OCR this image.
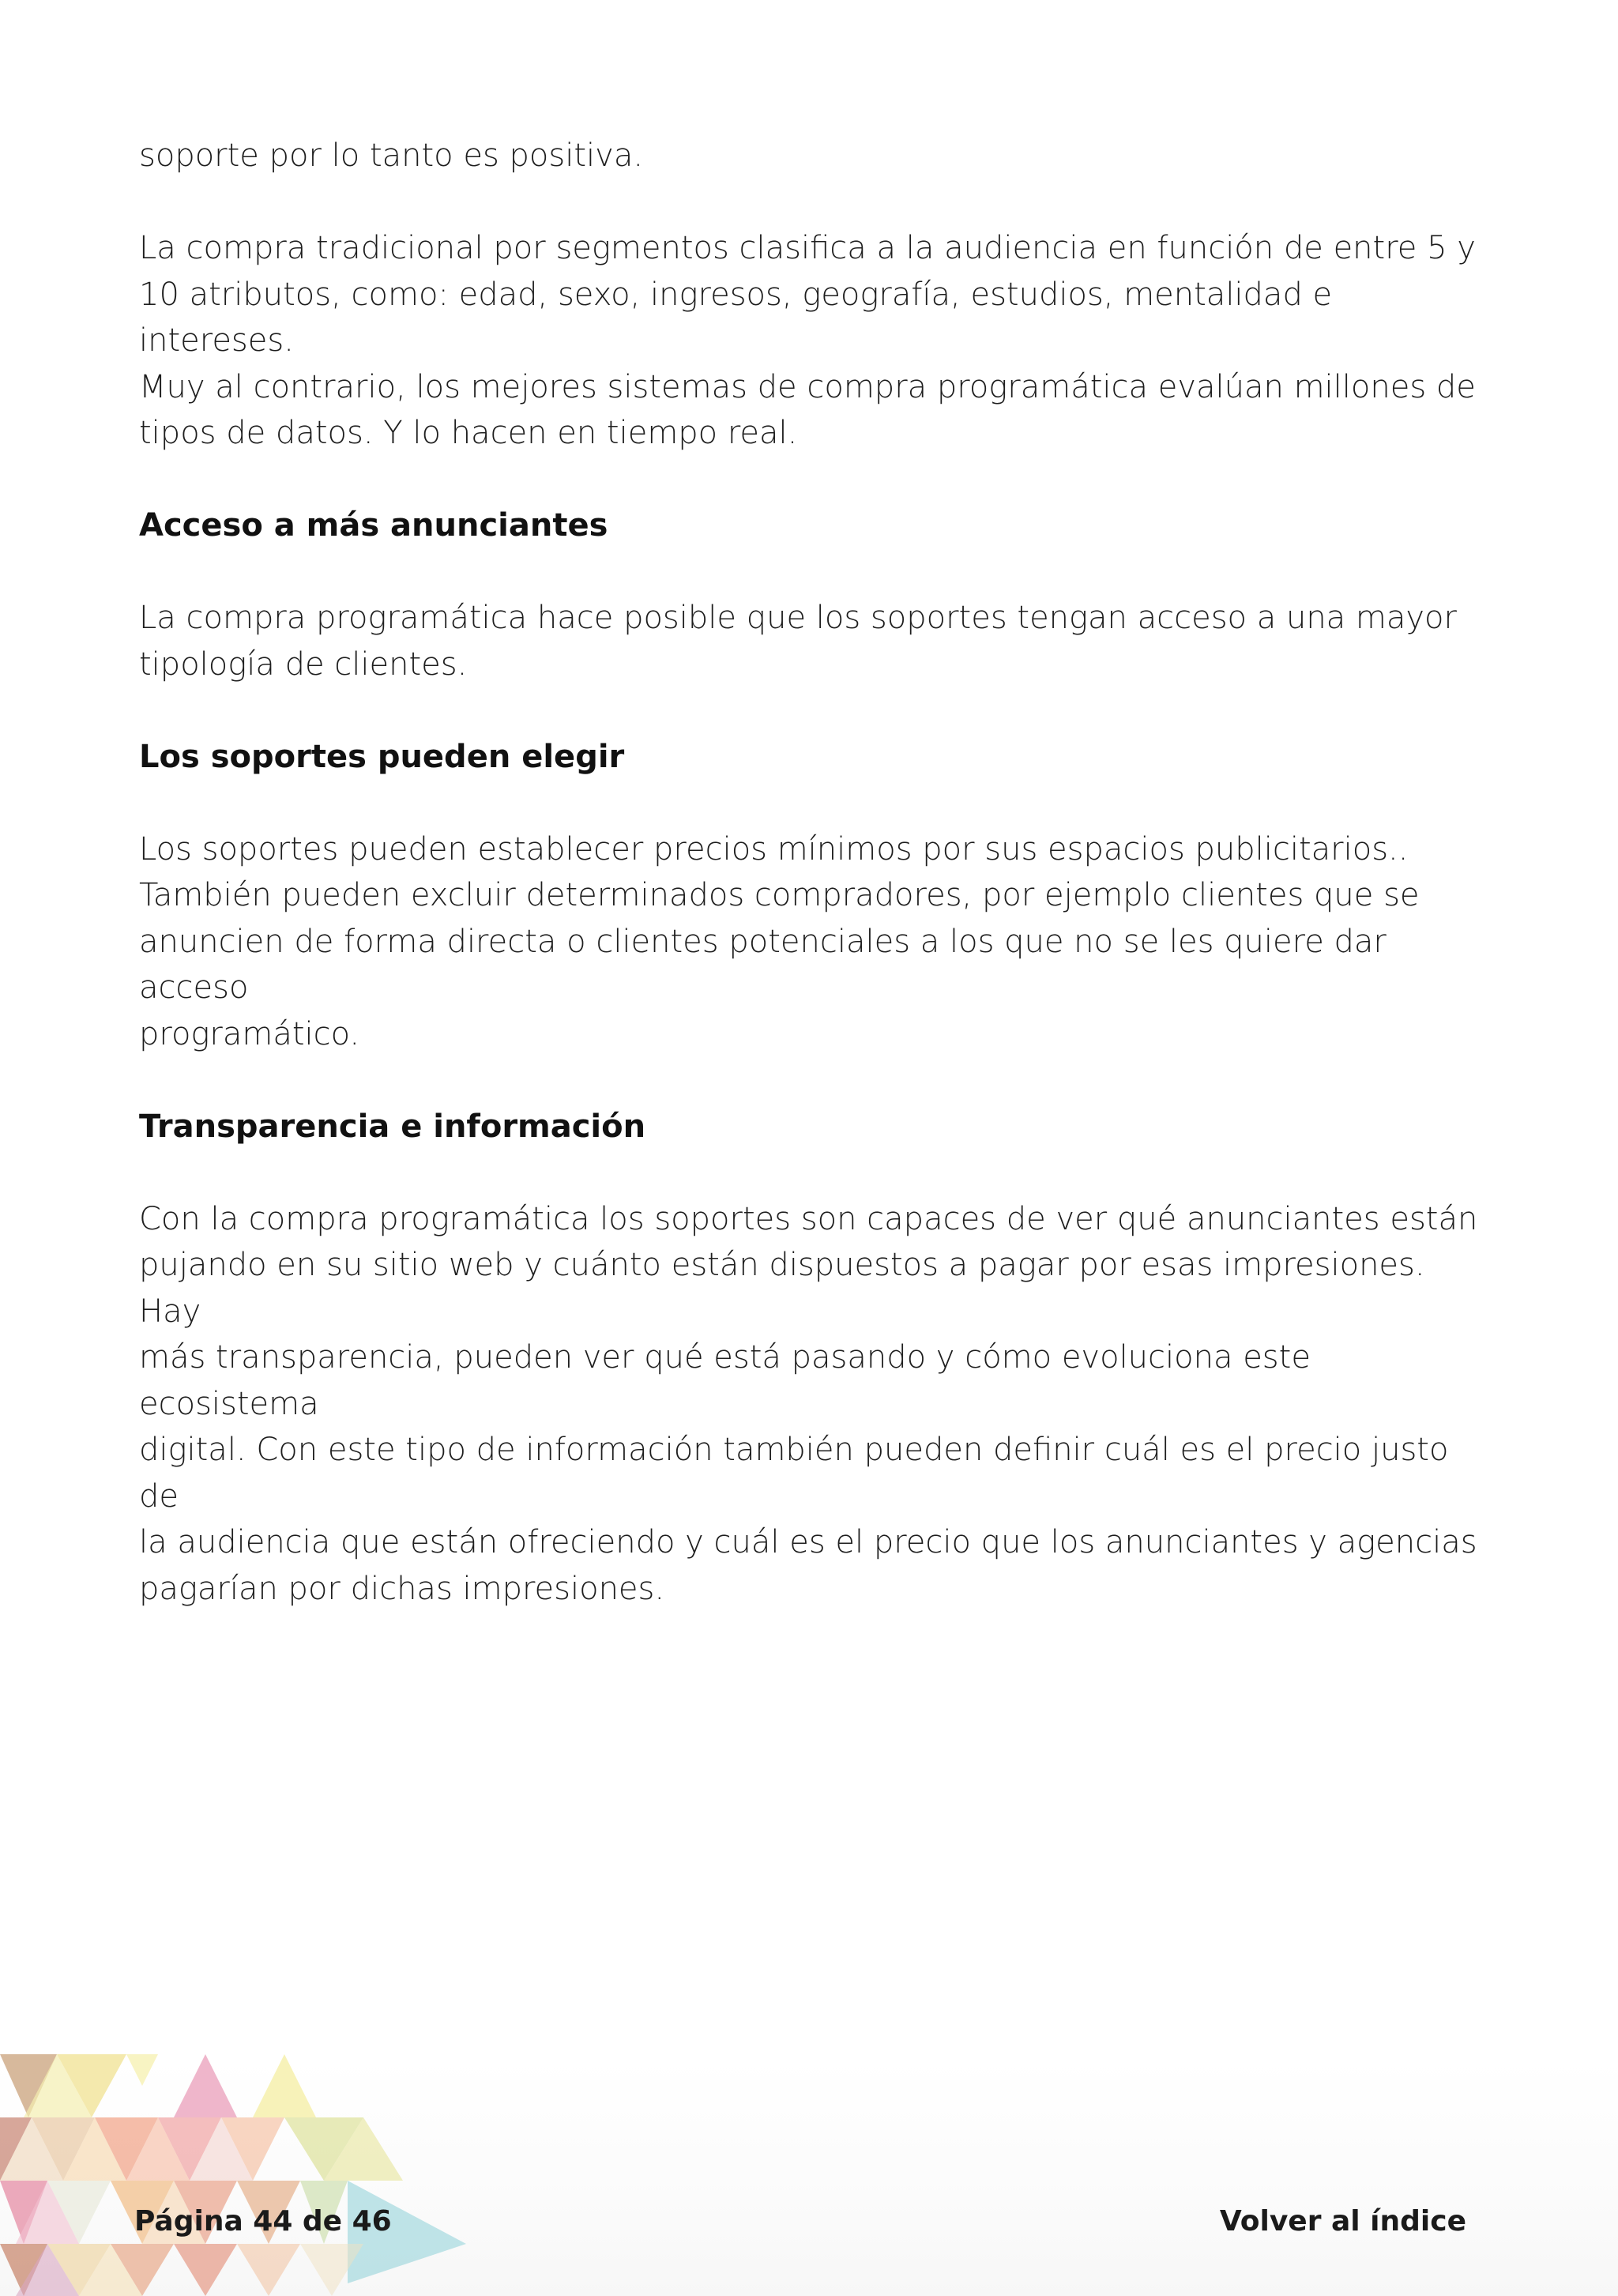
soporte por lo tanto es positiva.

La compra tradicional por segmentos clasifica a la audiencia en función de entre 5 y
10 atributos, como: edad, sexo, ingresos, geografía, estudios, mentalidad e intereses.
Muy al contrario, los mejores sistemas de compra programática evalúan millones de
tipos de datos. Y lo hacen en tiempo real.

Acceso a más anunciantes

La compra programática hace posible que los soportes tengan acceso a una mayor
tipología de clientes.

Los soportes pueden elegir

Los soportes pueden establecer precios mínimos por sus espacios publicitarios..
También pueden excluir determinados compradores, por ejemplo clientes que se
anuncien de forma directa o clientes potenciales a los que no se les quiere dar acceso
programático.

Transparencia e información

Con la compra programática los soportes son capaces de ver qué anunciantes están
pujando en su sitio web y cuánto están dispuestos a pagar por esas impresiones. Hay
más transparencia, pueden ver qué está pasando y cómo evoluciona este ecosistema
digital. Con este tipo de información también pueden definir cuál es el precio justo de
la audiencia que están ofreciendo y cuál es el precio que los anunciantes y agencias
pagarían por dichas impresiones.

Página 44 de 46	Volver al índice
